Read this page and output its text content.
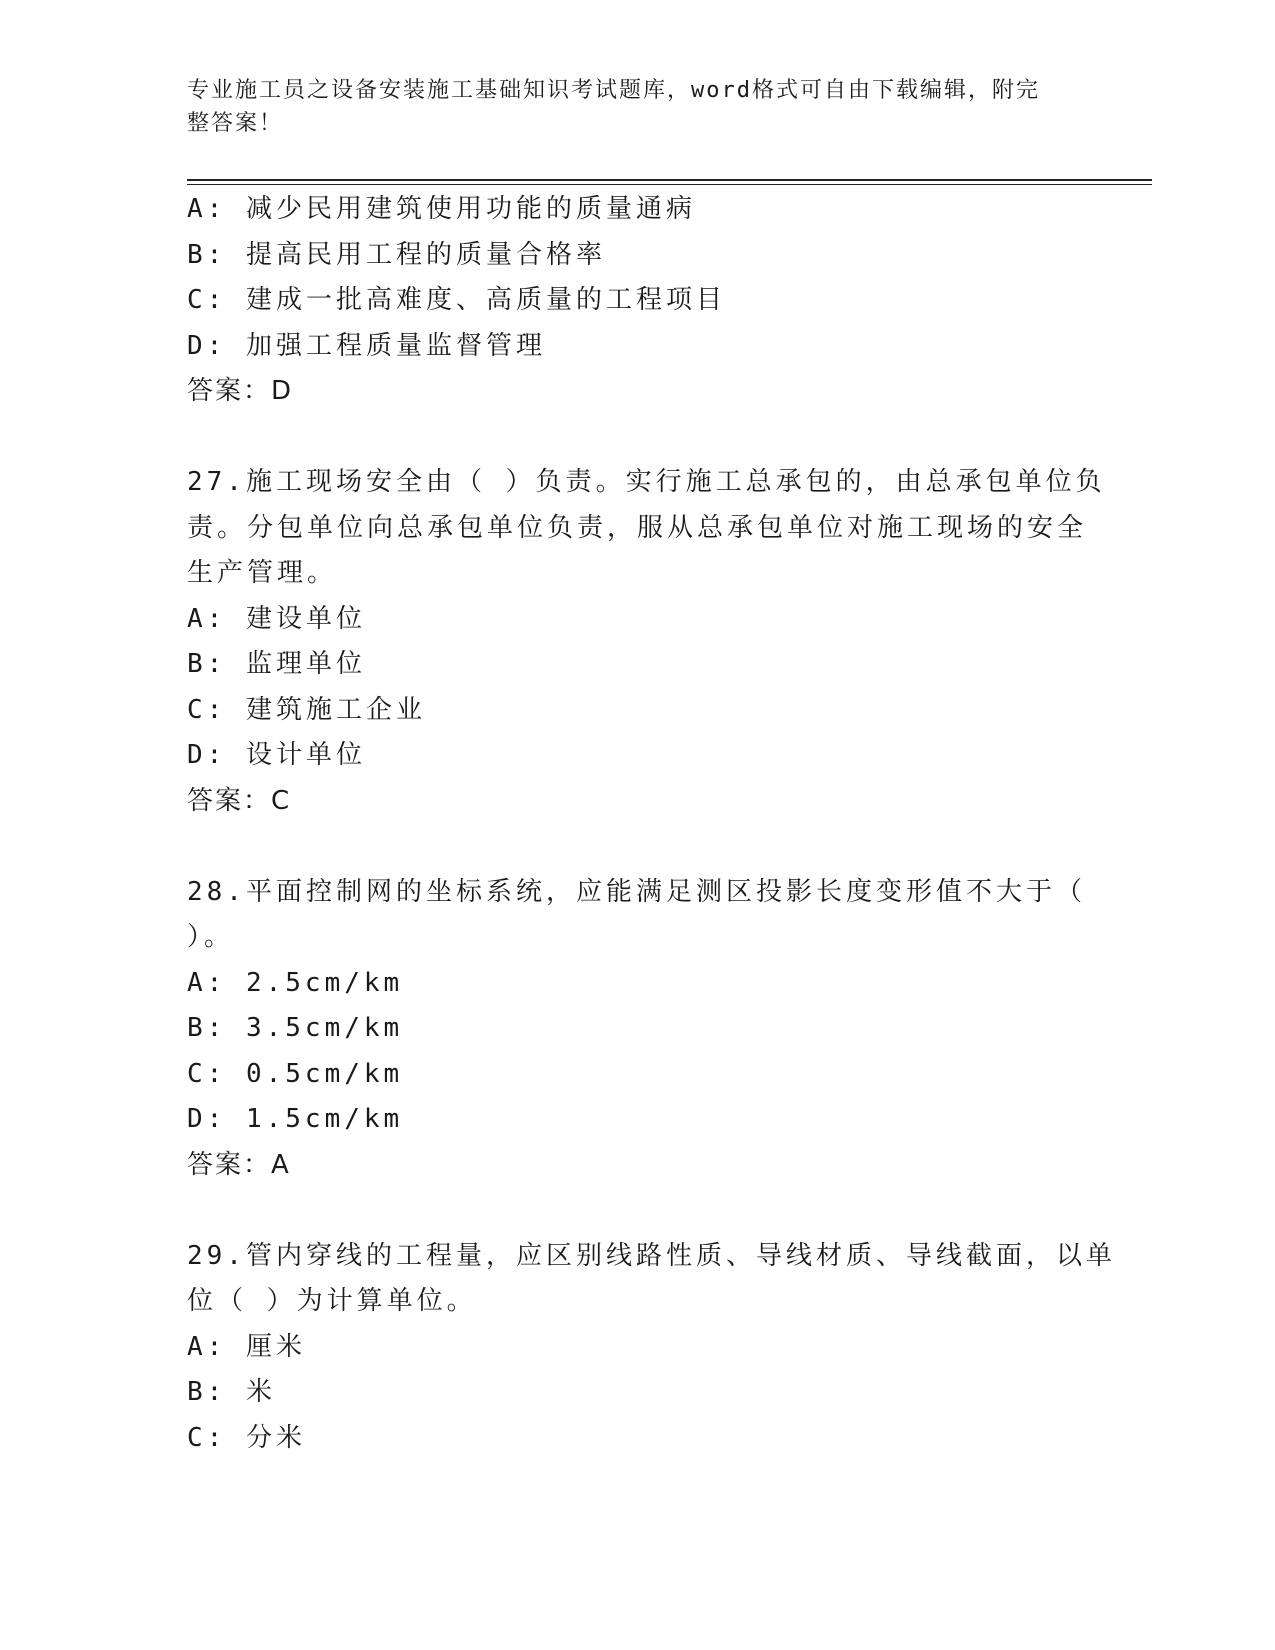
专业施工员之设备安装施工基础知识考试题库，word格式可自由下载编辑，附完
整答案！
A: 减少民用建筑使用功能的质量通病
B: 提高民用工程的质量合格率
C: 建成一批高难度、高质量的工程项目
D: 加强工程质量监督管理
答案：D
27.施工现场安全由（ ）负责。实行施工总承包的，由总承包单位负
责。分包单位向总承包单位负责，服从总承包单位对施工现场的安全
生产管理。
A: 建设单位
B: 监理单位
C: 建筑施工企业
D: 设计单位
答案：C
28.平面控制网的坐标系统，应能满足测区投影长度变形值不大于（
）。
A: 2.5cm/km
B: 3.5cm/km
C: 0.5cm/km
D: 1.5cm/km
答案：A
29.管内穿线的工程量，应区别线路性质、导线材质、导线截面，以单
位（ ）为计算单位。
A: 厘米
B: 米
C: 分米
